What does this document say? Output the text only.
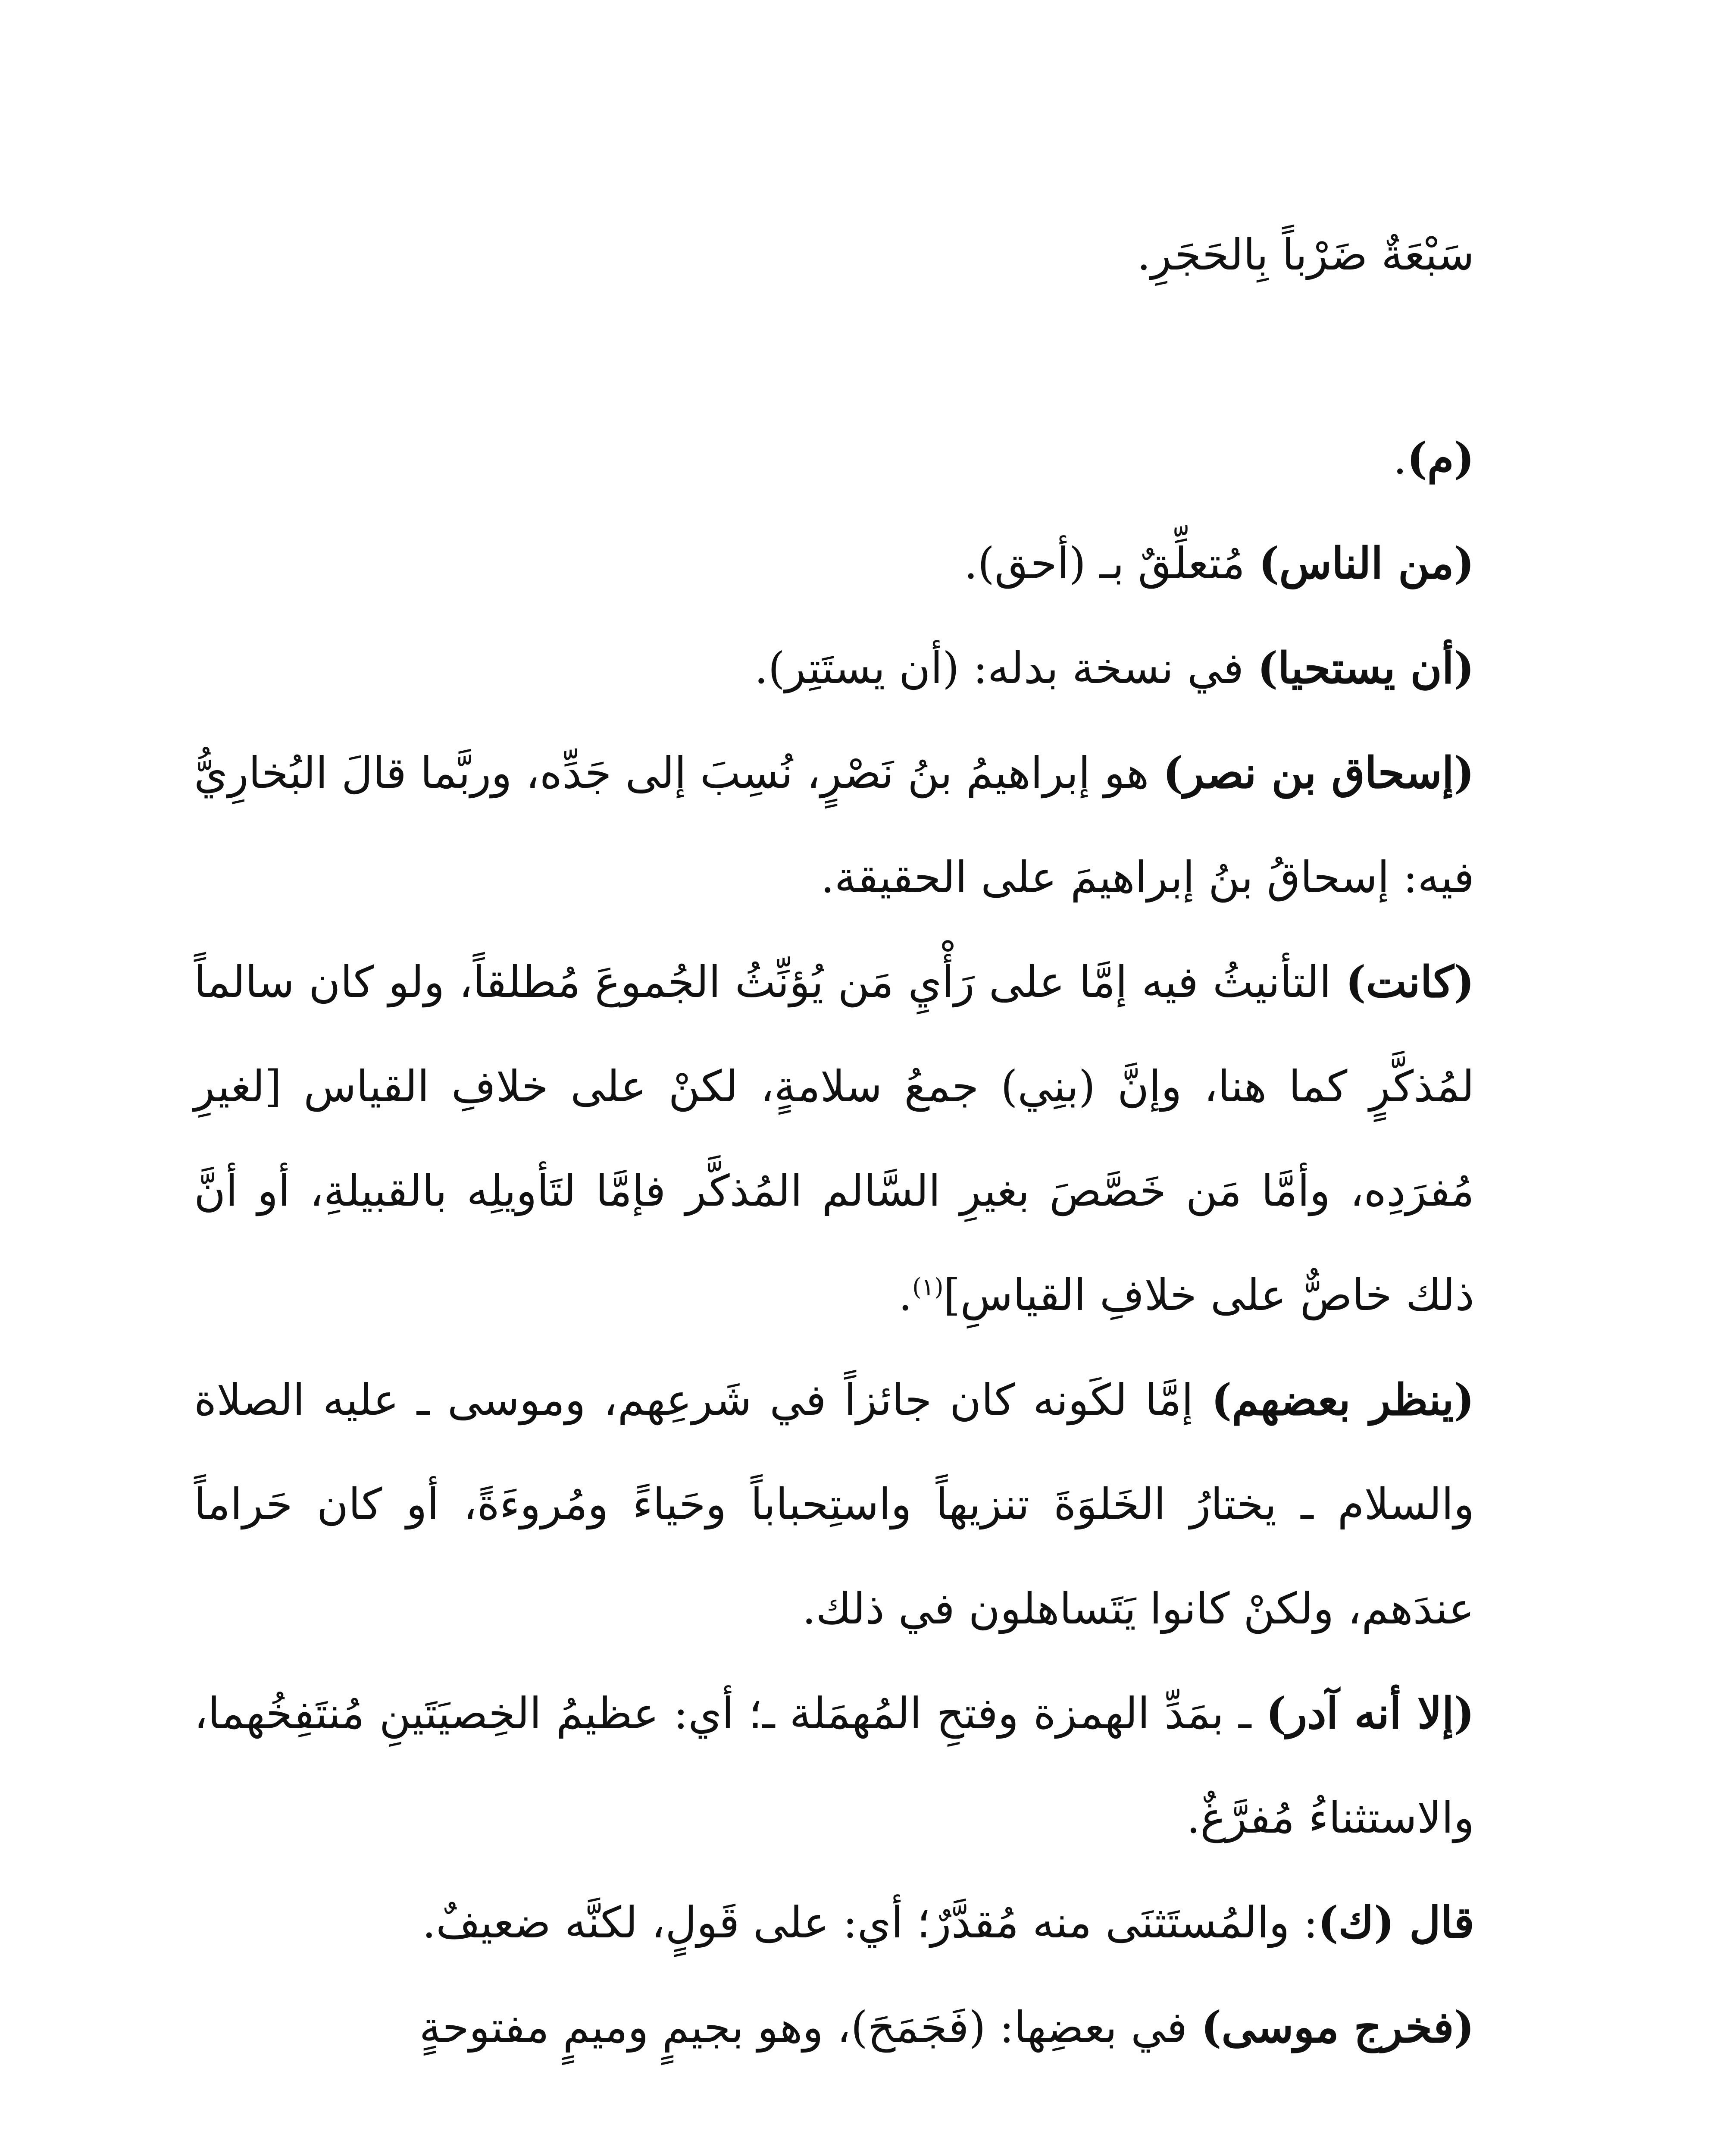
سَبْعَةٌ ضَرْباً بِالحَجَرِ.

(م).

(من الناس) مُتعلِّقٌ بـ (أحق).

(أن يستحيا) في نسخة بدله: (أن يستَتِر).

(إسحاق بن نصر) هو إبراهيمُ بنُ نَصْرٍ، نُسِبَ إلى جَدِّه، وربَّما قالَ البُخارِيُّ فيه: إسحاقُ بنُ إبراهيمَ على الحقيقة.

(كانت) التأنيثُ فيه إمَّا على رَأْيِ مَن يُؤنِّثُ الجُموعَ مُطلقاً، ولو كان سالماً لمُذكَّرٍ كما هنا، وإنَّ (بنِي) جمعُ سلامةٍ، لكنْ على خلافِ القياس [لغيرِ مُفرَدِه، وأمَّا مَن خَصَّصَ بغيرِ السَّالم المُذكَّر فإمَّا لتَأويلِه بالقبيلةِ، أو أنَّ ذلك خاصٌّ على خلافِ القياسِ]$^{(١)}$.

(ينظر بعضهم) إمَّا لكَونه كان جائزاً في شَرعِهم، وموسى ـ عليه الصلاة والسلام ـ يختارُ الخَلوَةَ تنزيهاً واستِحباباً وحَياءً ومُروءَةً، أو كان حَراماً عندَهم، ولكنْ كانوا يَتَساهلون في ذلك.

(إلا أنه آدر) ـ بمَدِّ الهمزة وفتحِ المُهمَلة ـ؛ أي: عظيمُ الخِصيَتَينِ مُنتَفِخُهما، والاستثناءُ مُفرَّغٌ.

قال (ك): والمُستَثنَى منه مُقدَّرٌ؛ أي: على قَولٍ، لكنَّه ضعيفٌ.

(فخرج موسى) في بعضِها: (فَجَمَحَ)، وهو بجيمٍ وميمٍ مفتوحةٍ
